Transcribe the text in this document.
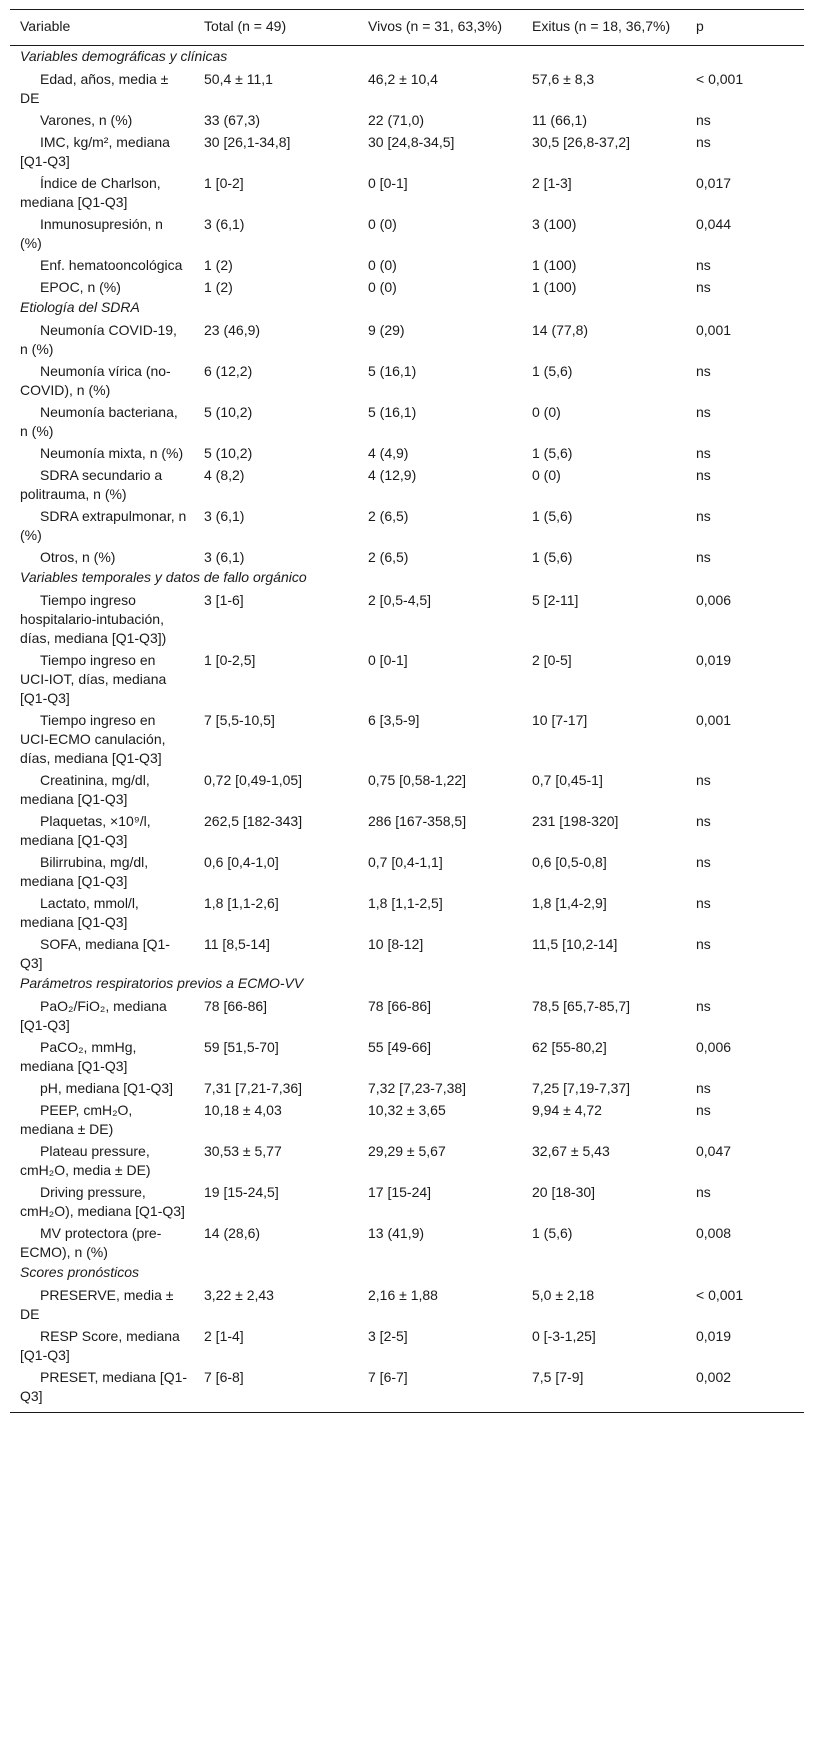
Variable	Total (n = 49)	Vivos (n = 31, 63,3%)	Exitus (n = 18, 36,7%)	p
Variables demográficas y clínicas				
Edad, años, media ± DE	50,4 ± 11,1	46,2 ± 10,4	57,6 ± 8,3	< 0,001
Varones, n (%)	33 (67,3)	22 (71,0)	11 (66,1)	ns
IMC, kg/m², mediana [Q1-Q3]	30 [26,1-34,8]	30 [24,8-34,5]	30,5 [26,8-37,2]	ns
Índice de Charlson, mediana [Q1-Q3]	1 [0-2]	0 [0-1]	2 [1-3]	0,017
Inmunosupresión, n (%)	3 (6,1)	0 (0)	3 (100)	0,044
Enf. hematooncológica	1 (2)	0 (0)	1 (100)	ns
EPOC, n (%)	1 (2)	0 (0)	1 (100)	ns
Etiología del SDRA				
Neumonía COVID-19, n (%)	23 (46,9)	9 (29)	14 (77,8)	0,001
Neumonía vírica (no-COVID), n (%)	6 (12,2)	5 (16,1)	1 (5,6)	ns
Neumonía bacteriana, n (%)	5 (10,2)	5 (16,1)	0 (0)	ns
Neumonía mixta, n (%)	5 (10,2)	4 (4,9)	1 (5,6)	ns
SDRA secundario a politrauma, n (%)	4 (8,2)	4 (12,9)	0 (0)	ns
SDRA extrapulmonar, n (%)	3 (6,1)	2 (6,5)	1 (5,6)	ns
Otros, n (%)	3 (6,1)	2 (6,5)	1 (5,6)	ns
Variables temporales y datos de fallo orgánico				
Tiempo ingreso hospitalario-intubación, días, mediana [Q1-Q3])	3 [1-6]	2 [0,5-4,5]	5 [2-11]	0,006
Tiempo ingreso en UCI-IOT, días, mediana [Q1-Q3]	1 [0-2,5]	0 [0-1]	2 [0-5]	0,019
Tiempo ingreso en UCI-ECMO canulación, días, mediana [Q1-Q3]	7 [5,5-10,5]	6 [3,5-9]	10 [7-17]	0,001
Creatinina, mg/dl, mediana [Q1-Q3]	0,72 [0,49-1,05]	0,75 [0,58-1,22]	0,7 [0,45-1]	ns
Plaquetas, ×10⁹/l, mediana [Q1-Q3]	262,5 [182-343]	286 [167-358,5]	231 [198-320]	ns
Bilirrubina, mg/dl, mediana [Q1-Q3]	0,6 [0,4-1,0]	0,7 [0,4-1,1]	0,6 [0,5-0,8]	ns
Lactato, mmol/l, mediana [Q1-Q3]	1,8 [1,1-2,6]	1,8 [1,1-2,5]	1,8 [1,4-2,9]	ns
SOFA, mediana [Q1-Q3]	11 [8,5-14]	10 [8-12]	11,5 [10,2-14]	ns
Parámetros respiratorios previos a ECMO-VV				
PaO₂/FiO₂, mediana [Q1-Q3]	78 [66-86]	78 [66-86]	78,5 [65,7-85,7]	ns
PaCO₂, mmHg, mediana [Q1-Q3]	59 [51,5-70]	55 [49-66]	62 [55-80,2]	0,006
pH, mediana [Q1-Q3]	7,31 [7,21-7,36]	7,32 [7,23-7,38]	7,25 [7,19-7,37]	ns
PEEP, cmH₂O, mediana ± DE)	10,18 ± 4,03	10,32 ± 3,65	9,94 ± 4,72	ns
Plateau pressure, cmH₂O, media ± DE)	30,53 ± 5,77	29,29 ± 5,67	32,67 ± 5,43	0,047
Driving pressure, cmH₂O), mediana [Q1-Q3]	19 [15-24,5]	17 [15-24]	20 [18-30]	ns
MV protectora (pre-ECMO), n (%)	14 (28,6)	13 (41,9)	1 (5,6)	0,008
Scores pronósticos				
PRESERVE, media ± DE	3,22 ± 2,43	2,16 ± 1,88	5,0 ± 2,18	< 0,001
RESP Score, mediana [Q1-Q3]	2 [1-4]	3 [2-5]	0 [-3-1,25]	0,019
PRESET, mediana [Q1-Q3]	7 [6-8]	7 [6-7]	7,5 [7-9]	0,002
